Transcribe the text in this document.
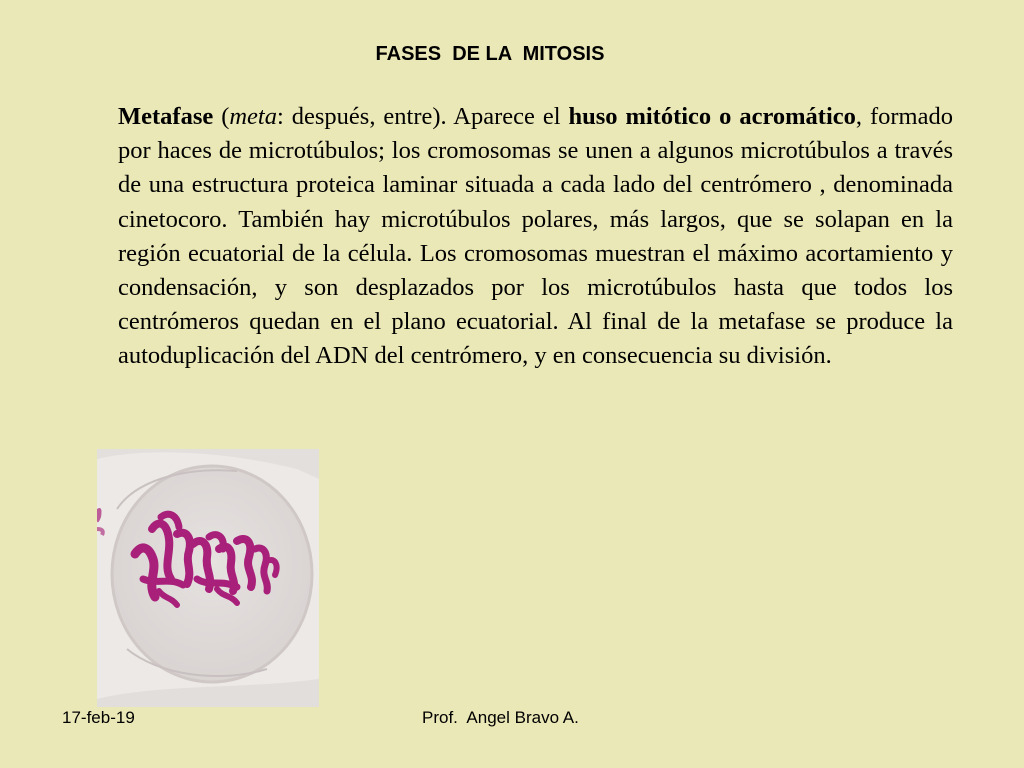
FASES  DE LA  MITOSIS
Metafase (meta: después, entre). Aparece el huso mitótico o acromático, formado por haces de microtúbulos; los cromosomas se unen a algunos microtúbulos a través de una estructura proteica laminar situada a cada lado del centrómero , denominada cinetocoro. También hay microtúbulos polares, más largos, que se solapan en la región ecuatorial de la célula. Los cromosomas muestran el máximo acortamiento y condensación, y son desplazados por los microtúbulos hasta que todos los centrómeros quedan en el plano ecuatorial. Al final de la metafase se produce la autoduplicación del ADN del centrómero, y en consecuencia su división.
17-feb-19	Prof.  Angel Bravo A.
